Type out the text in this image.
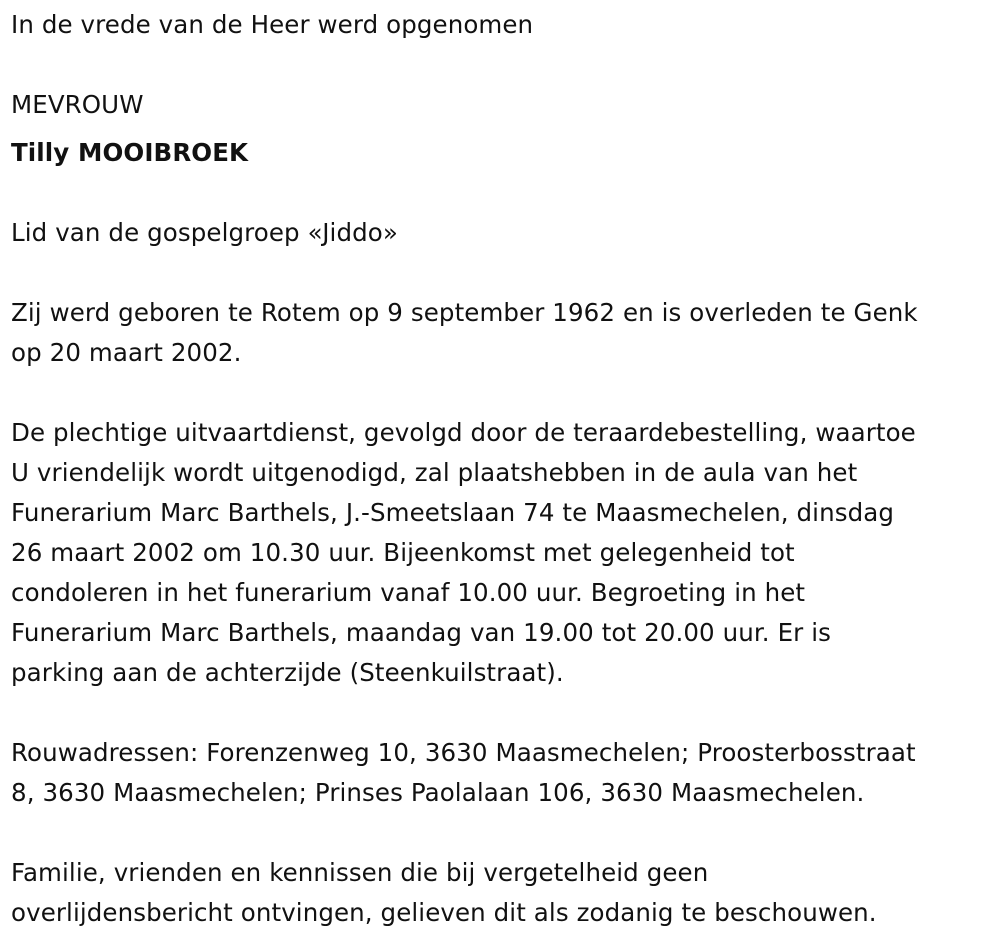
In de vrede van de Heer werd opgenomen
MEVROUW
Tilly MOOIBROEK
Lid van de gospelgroep «Jiddo»
Zij werd geboren te Rotem op 9 september 1962 en is overleden te Genk
op 20 maart 2002.
De plechtige uitvaartdienst, gevolgd door de teraardebestelling, waartoe
U vriendelijk wordt uitgenodigd, zal plaatshebben in de aula van het
Funerarium Marc Barthels, J.-Smeetslaan 74 te Maasmechelen, dinsdag
26 maart 2002 om 10.30 uur. Bijeenkomst met gelegenheid tot
condoleren in het funerarium vanaf 10.00 uur. Begroeting in het
Funerarium Marc Barthels, maandag van 19.00 tot 20.00 uur. Er is
parking aan de achterzijde (Steenkuilstraat).
Rouwadressen: Forenzenweg 10, 3630 Maasmechelen; Proosterbosstraat
8, 3630 Maasmechelen; Prinses Paolalaan 106, 3630 Maasmechelen.
Familie, vrienden en kennissen die bij vergetelheid geen
overlijdensbericht ontvingen, gelieven dit als zodanig te beschouwen.
